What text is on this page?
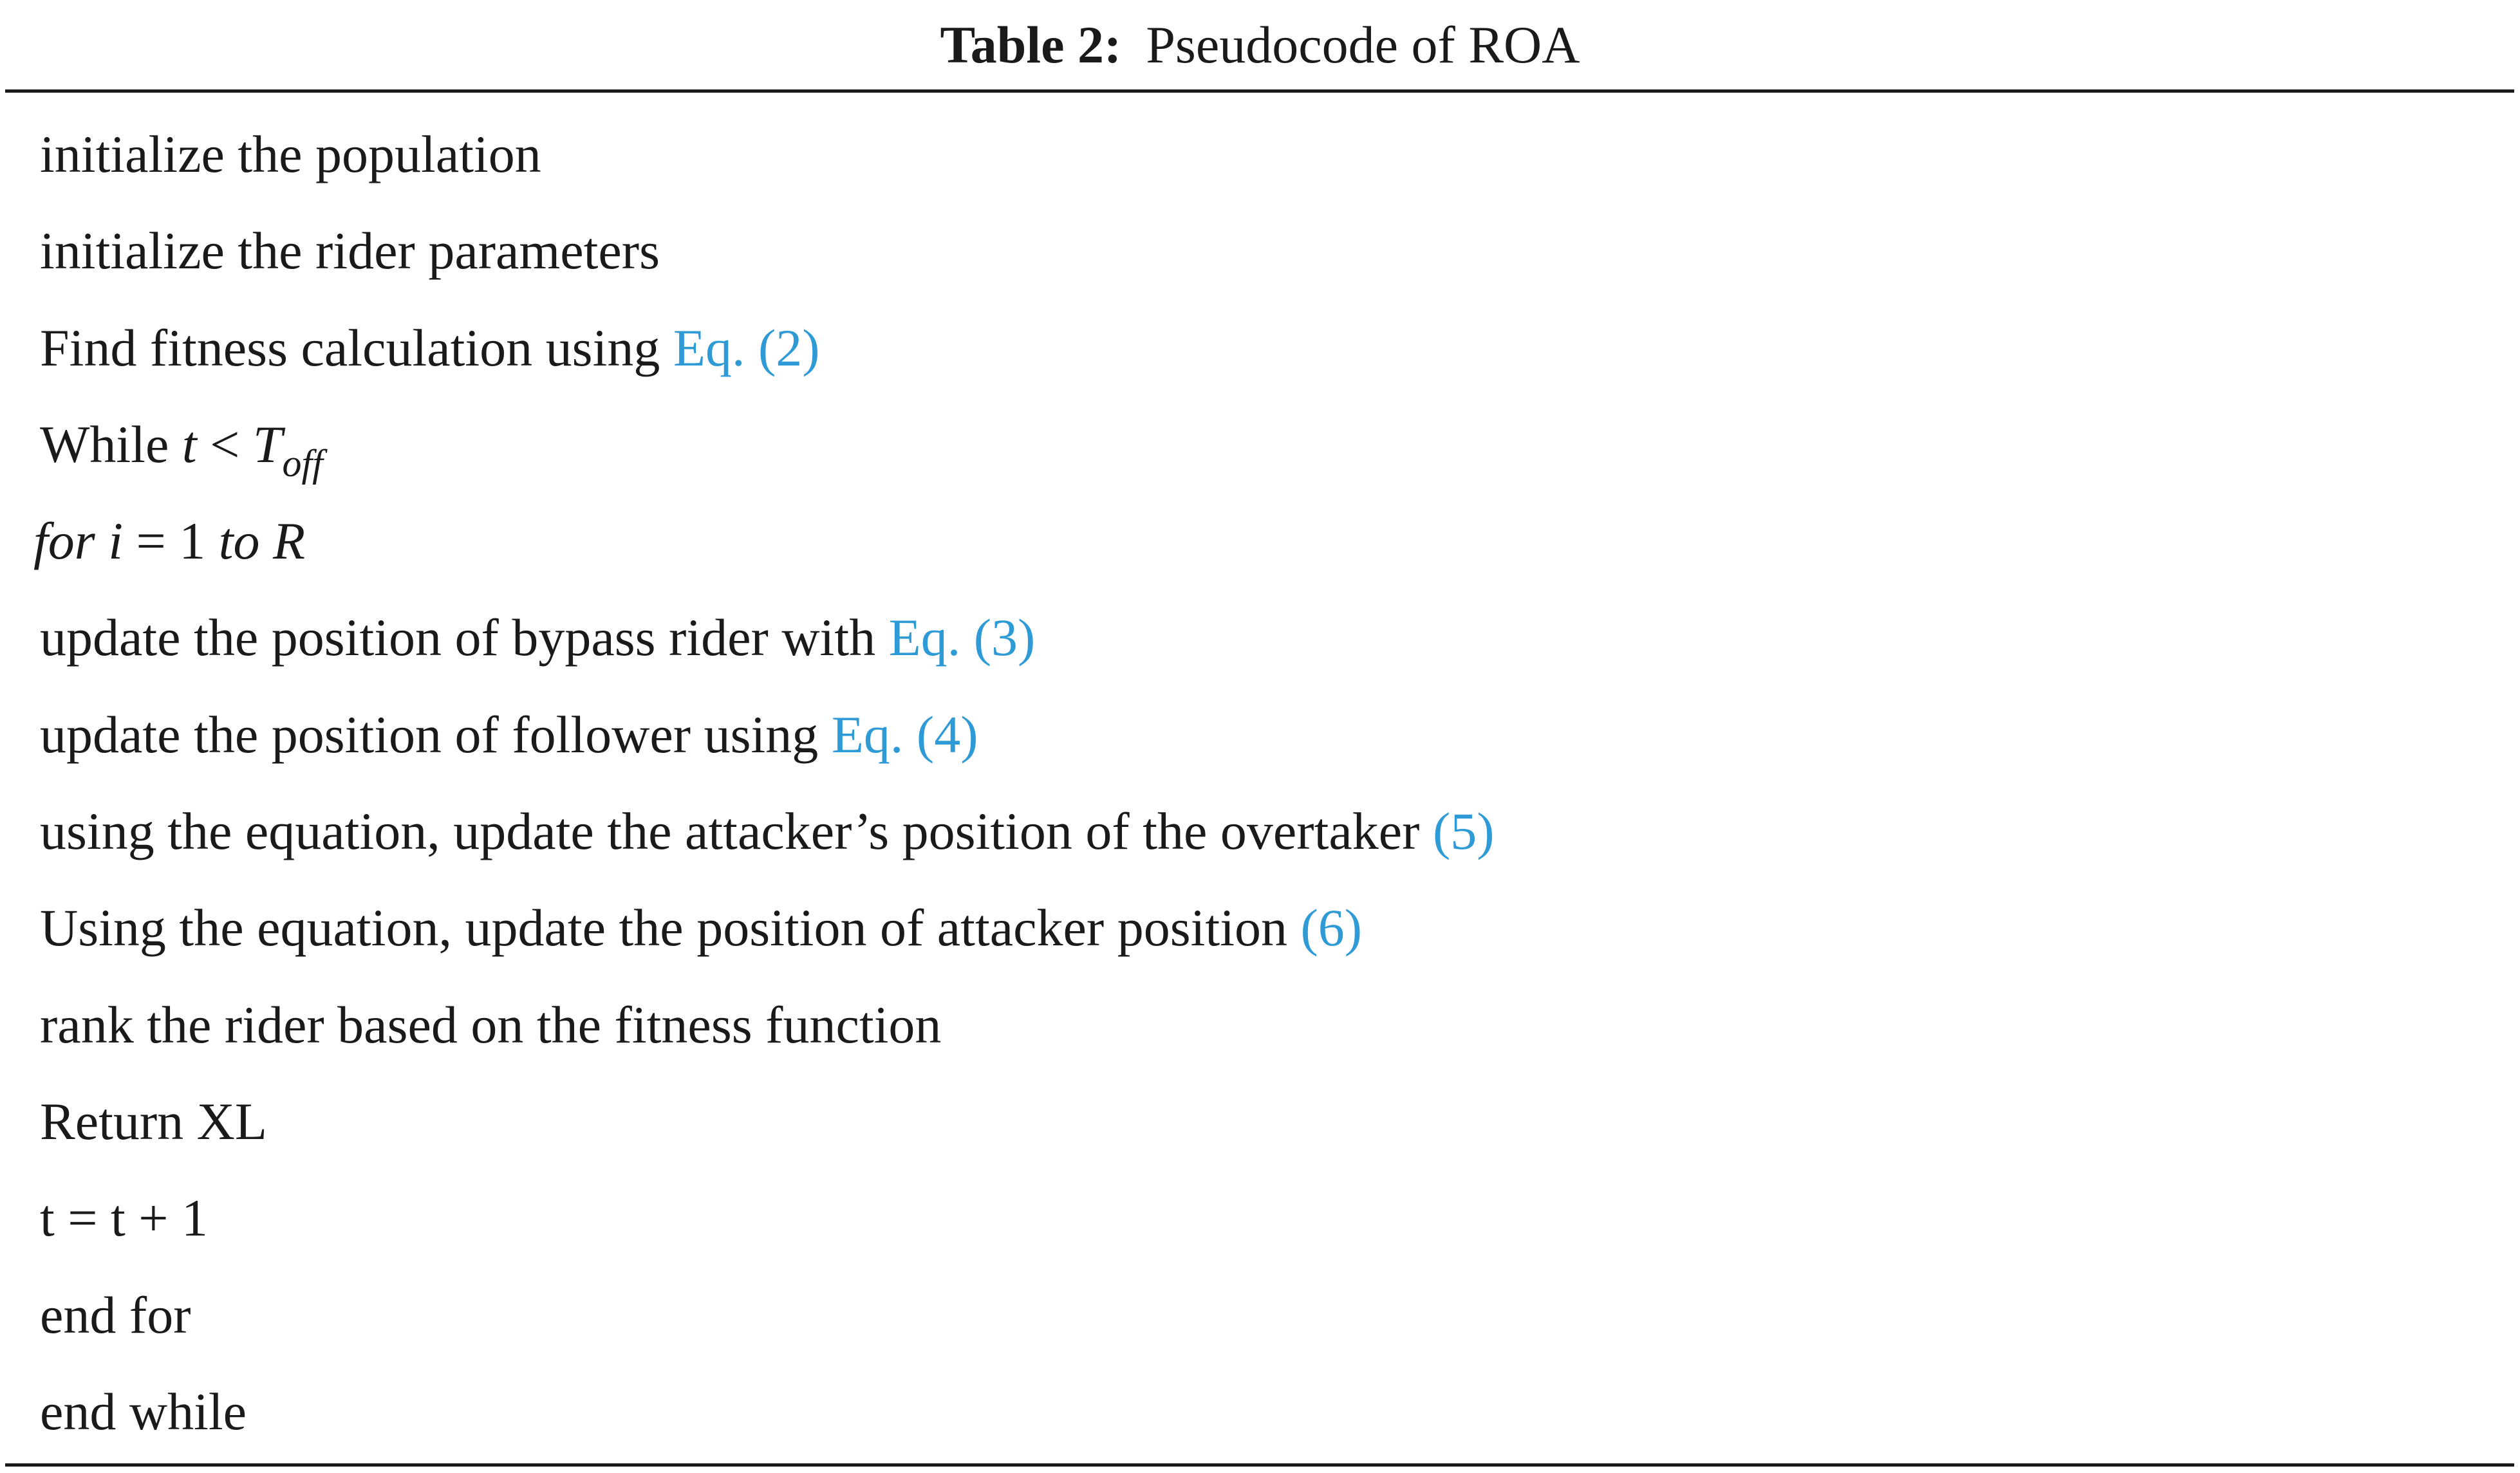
Table 2: Pseudocode of ROA
initialize the population
initialize the rider parameters
Find fitness calculation using Eq. (2)
While $t < T_{off}$
for i = 1 to R
update the position of bypass rider with Eq. (3)
update the position of follower using Eq. (4)
using the equation, update the attacker’s position of the overtaker (5)
Using the equation, update the position of attacker position (6)
rank the rider based on the fitness function
Return XL
t = t + 1
end for
end while
